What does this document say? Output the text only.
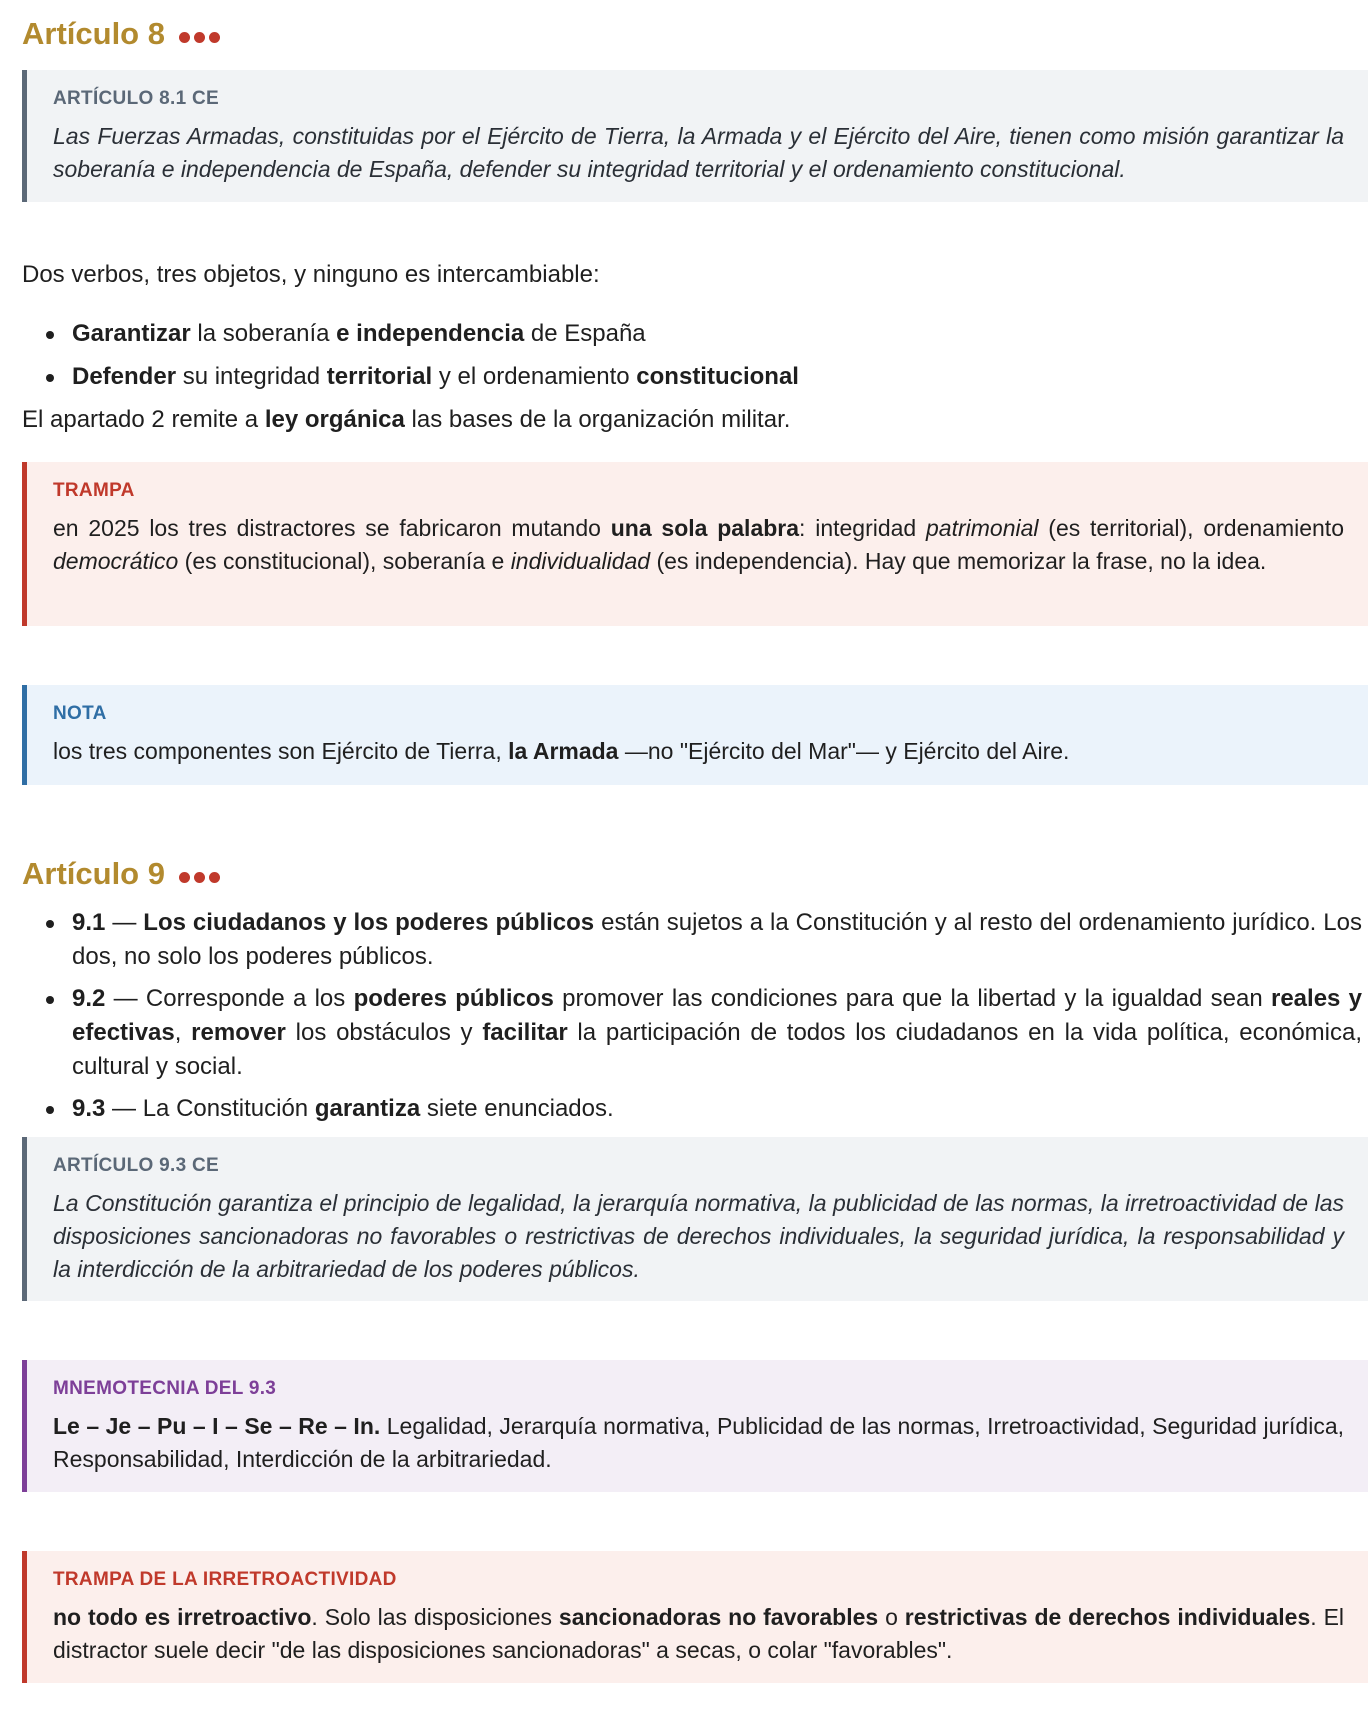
Artículo 8
ARTÍCULO 8.1 CE
Las Fuerzas Armadas, constituidas por el Ejército de Tierra, la Armada y el Ejército del Aire, tienen como misión garantizar la soberanía e independencia de España, defender su integridad territorial y el ordenamiento constitucional.

Dos verbos, tres objetos, y ninguno es intercambiable:

Garantizar la soberanía e independencia de España
Defender su integridad territorial y el ordenamiento constitucional

El apartado 2 remite a ley orgánica las bases de la organización militar.

TRAMPA
en 2025 los tres distractores se fabricaron mutando una sola palabra: integridad patrimonial (es territorial), ordenamiento democrático (es constitucional), soberanía e individualidad (es independencia). Hay que memorizar la frase, no la idea.
NOTA
los tres componentes son Ejército de Tierra, la Armada —no "Ejército del Mar"— y Ejército del Aire.
Artículo 9
9.1 — Los ciudadanos y los poderes públicos están sujetos a la Constitución y al resto del ordenamiento jurídico. Los dos, no solo los poderes públicos.
9.2 — Corresponde a los poderes públicos promover las condiciones para que la libertad y la igualdad sean reales y efectivas, remover los obstáculos y facilitar la participación de todos los ciudadanos en la vida política, económica, cultural y social.
9.3 — La Constitución garantiza siete enunciados.
ARTÍCULO 9.3 CE
La Constitución garantiza el principio de legalidad, la jerarquía normativa, la publicidad de las normas, la irretroactividad de las disposiciones sancionadoras no favorables o restrictivas de derechos individuales, la seguridad jurídica, la responsabilidad y la interdicción de la arbitrariedad de los poderes públicos.
MNEMOTECNIA DEL 9.3
Le – Je – Pu – I – Se – Re – In. Legalidad, Jerarquía normativa, Publicidad de las normas, Irretroactividad, Seguridad jurídica, Responsabilidad, Interdicción de la arbitrariedad.
TRAMPA DE LA IRRETROACTIVIDAD
no todo es irretroactivo. Solo las disposiciones sancionadoras no favorables o restrictivas de derechos individuales. El distractor suele decir "de las disposiciones sancionadoras" a secas, o colar "favorables".
